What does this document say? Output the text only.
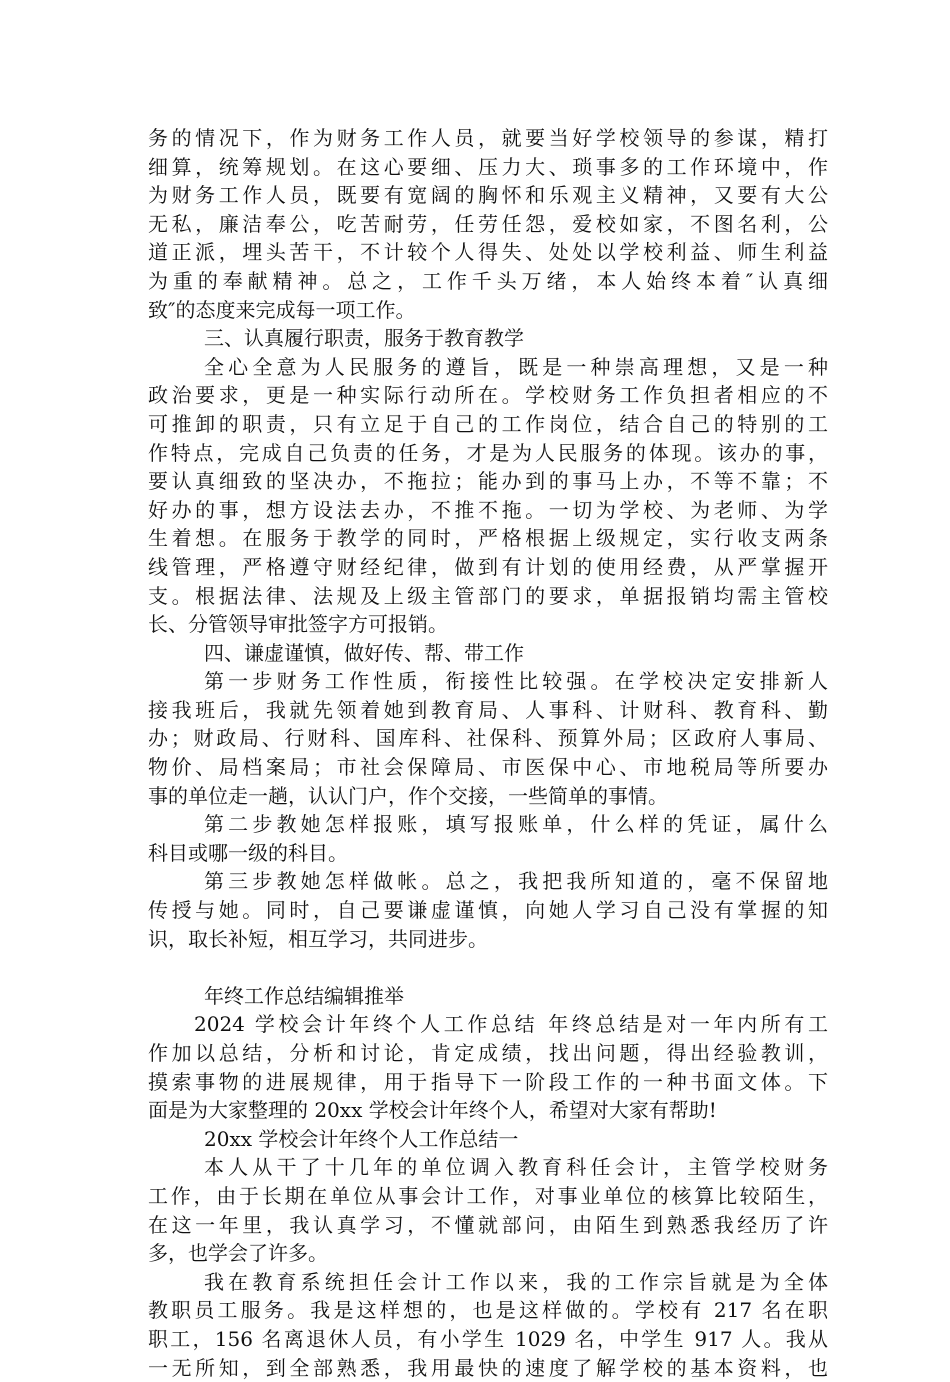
务的情况下，作为财务工作人员，就要当好学校领导的参谋，精打
细算，统筹规划。在这心要细、压力大、琐事多的工作环境中，作
为财务工作人员，既要有宽阔的胸怀和乐观主义精神，又要有大公
无私，廉洁奉公，吃苦耐劳，任劳任怨，爱校如家，不图名利，公
道正派，埋头苦干，不计较个人得失、处处以学校利益、师生利益
为重的奉献精神。总之，工作千头万绪，本人始终本着″认真细
致″的态度来完成每一项工作。
三、认真履行职责，服务于教育教学
全心全意为人民服务的遵旨，既是一种崇高理想，又是一种
政治要求，更是一种实际行动所在。学校财务工作负担者相应的不
可推卸的职责，只有立足于自己的工作岗位，结合自己的特别的工
作特点，完成自己负责的任务，才是为人民服务的体现。该办的事，
要认真细致的坚决办，不拖拉；能办到的事马上办，不等不靠；不
好办的事，想方设法去办，不推不拖。一切为学校、为老师、为学
生着想。在服务于教学的同时，严格根据上级规定，实行收支两条
线管理，严格遵守财经纪律，做到有计划的使用经费，从严掌握开
支。根据法律、法规及上级主管部门的要求，单据报销均需主管校
长、分管领导审批签字方可报销。
四、谦虚谨慎，做好传、帮、带工作
第一步财务工作性质，衔接性比较强。在学校决定安排新人
接我班后，我就先领着她到教育局、人事科、计财科、教育科、勤
办；财政局、行财科、国库科、社保科、预算外局；区政府人事局、
物价、局档案局；市社会保障局、市医保中心、市地税局等所要办
事的单位走一趟，认认门户，作个交接，一些简单的事情。
第二步教她怎样报账，填写报账单，什么样的凭证，属什么
科目或哪一级的科目。
第三步教她怎样做帐。总之，我把我所知道的，毫不保留地
传授与她。同时，自己要谦虚谨慎，向她人学习自己没有掌握的知
识，取长补短，相互学习，共同进步。
年终工作总结编辑推举
2024 学校会计年终个人工作总结 年终总结是对一年内所有工
作加以总结，分析和讨论，肯定成绩，找出问题，得出经验教训，
摸索事物的进展规律，用于指导下一阶段工作的一种书面文体。下
面是为大家整理的 20xx 学校会计年终个人，希望对大家有帮助!
20xx 学校会计年终个人工作总结一
本人从干了十几年的单位调入教育科任会计，主管学校财务
工作，由于长期在单位从事会计工作，对事业单位的核算比较陌生，
在这一年里，我认真学习，不懂就部问，由陌生到熟悉我经历了许
多，也学会了许多。
我在教育系统担任会计工作以来，我的工作宗旨就是为全体
教职员工服务。我是这样想的，也是这样做的。学校有 217 名在职
职工，156 名离退休人员，有小学生 1029 名，中学生 917 人。我从
一无所知，到全部熟悉，我用最快的速度了解学校的基本资料，也
